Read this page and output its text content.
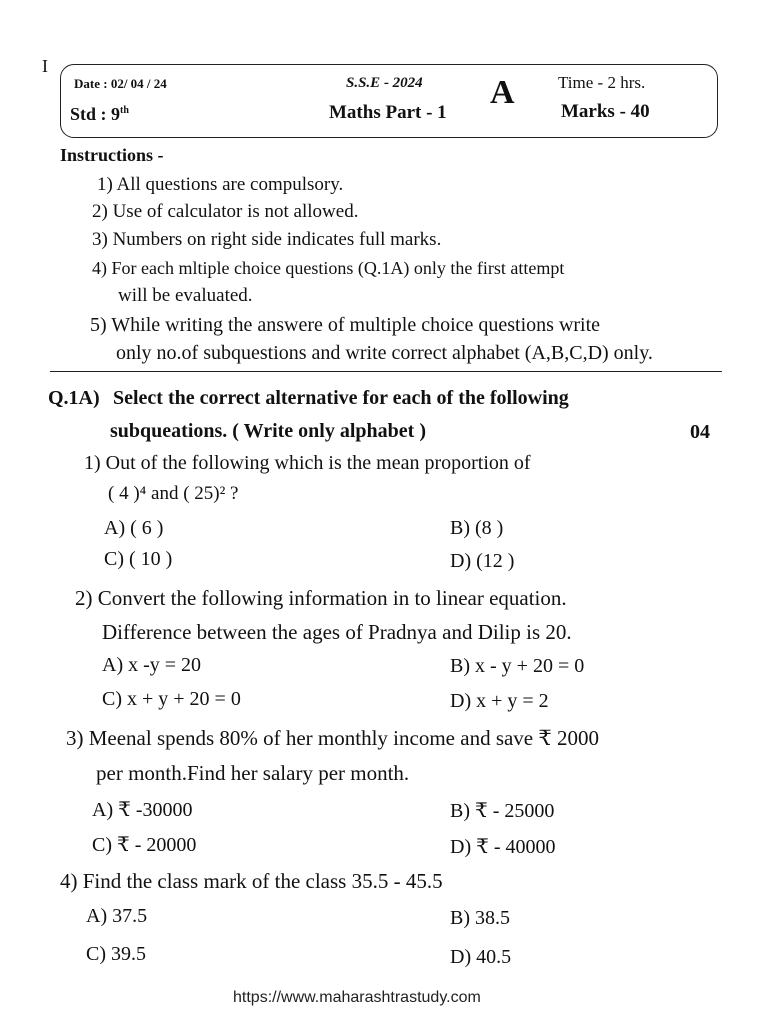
I
Date : 02/ 04 / 24
Std : 9th
S.S.E - 2024
Maths Part - 1
A	Time - 2 hrs.
Marks - 40
Instructions -
1) All questions are compulsory.
2) Use of calculator is not allowed.
3) Numbers on right side indicates full marks.
4) For each mltiple choice questions (Q.1A) only the first attempt
will be evaluated.
5) While writing the answere of multiple choice questions write
only no.of subquestions and write correct alphabet (A,B,C,D) only.
Q.1A) Select the correct alternative for each of the following
subqueations. ( Write only alphabet )	04
1) Out of the following which is the mean proportion of
( 4 )⁴ and ( 25)² ?
A) ( 6 )	B) (8 )
C) ( 10 )	D) (12 )
2) Convert the following information in to linear equation.
Difference between the ages of Pradnya and Dilip is 20.
A) x -y = 20	B) x - y + 20 = 0
C) x + y + 20 = 0	D) x + y = 2
3) Meenal spends 80% of her monthly income and save ₹ 2000
per month.Find her salary per month.
A) ₹ -30000	B) ₹ - 25000
C) ₹ - 20000	D) ₹ - 40000
4) Find the class mark of the class 35.5 - 45.5
A) 37.5	B) 38.5
C) 39.5	D) 40.5
https://www.maharashtrastudy.com
